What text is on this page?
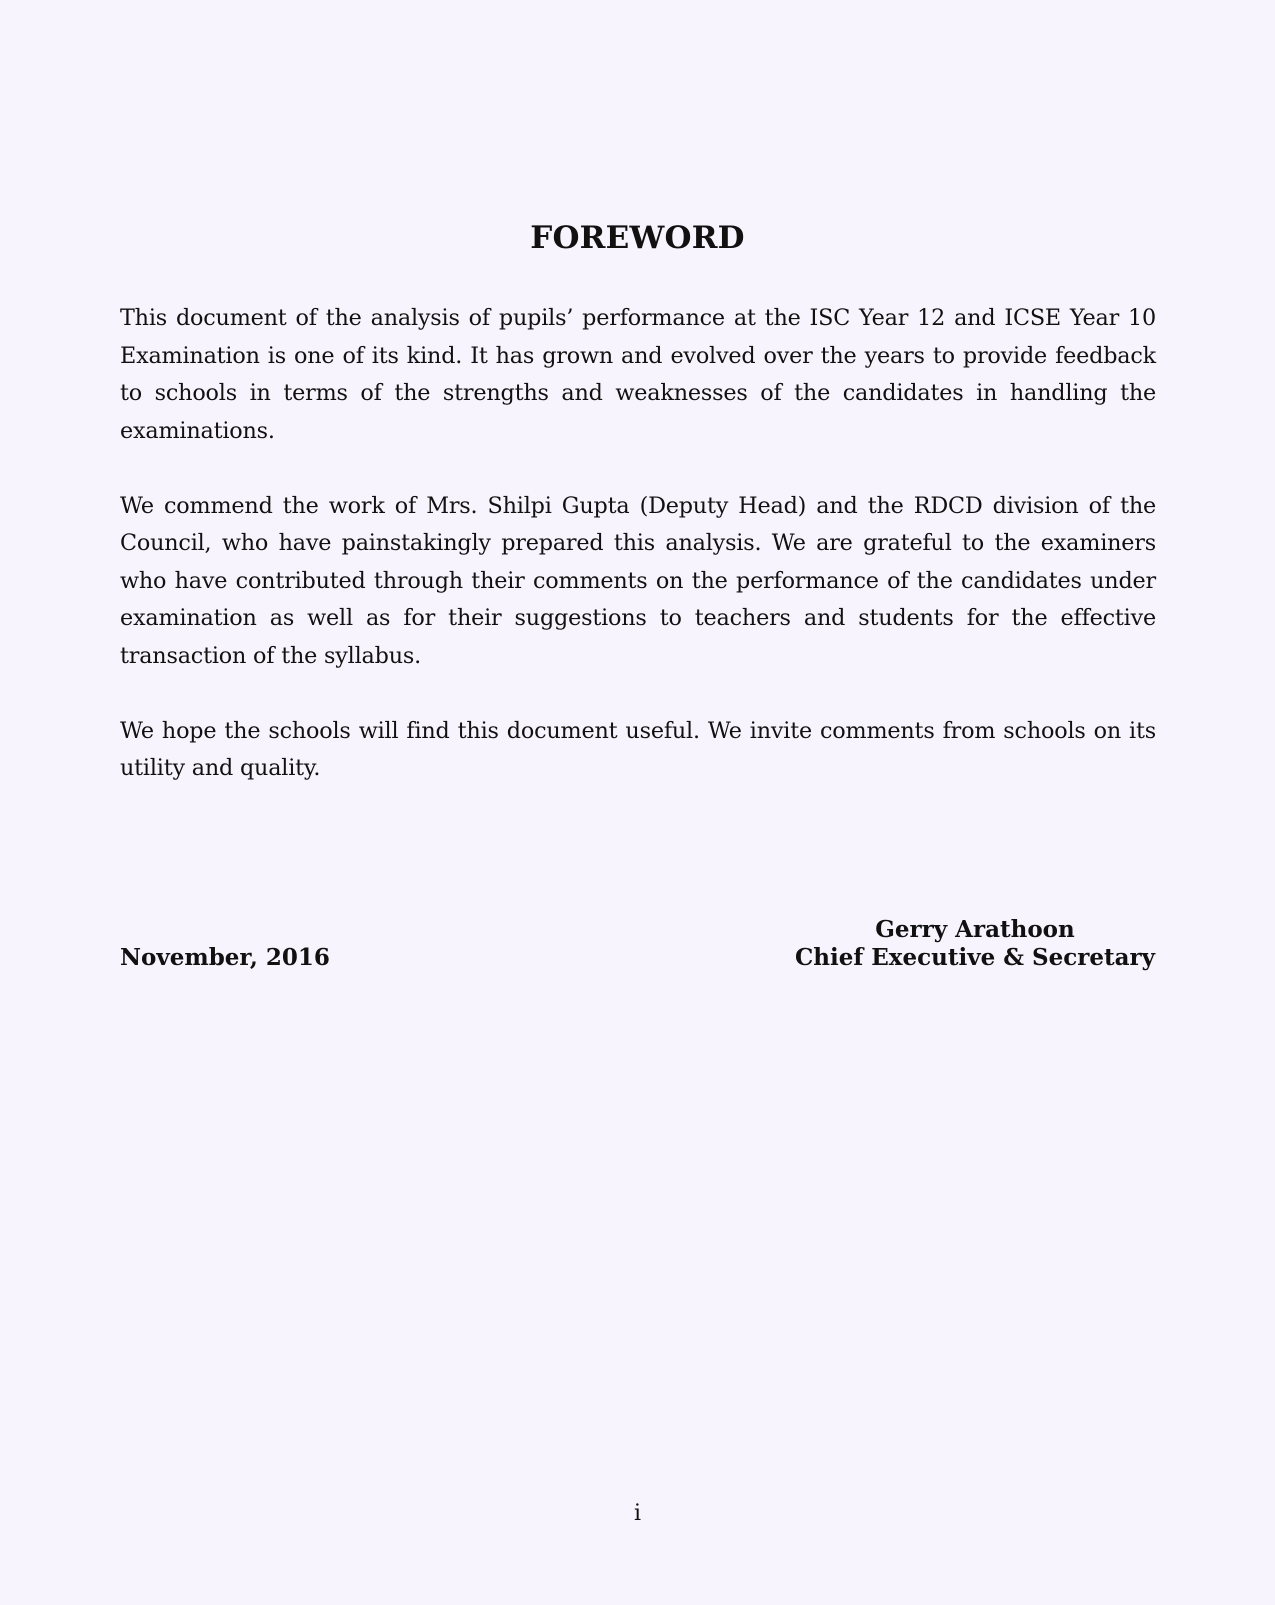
FOREWORD

This document of the analysis of pupils’ performance at the ISC Year 12 and ICSE Year 10 Examination is one of its kind. It has grown and evolved over the years to provide feedback to schools in terms of the strengths and weaknesses of the candidates in handling the examinations.

We commend the work of Mrs. Shilpi Gupta (Deputy Head) and the RDCD division of the Council, who have painstakingly prepared this analysis. We are grateful to the examiners who have contributed through their comments on the performance of the candidates under examination as well as for their suggestions to teachers and students for the effective transaction of the syllabus.

We hope the schools will find this document useful. We invite comments from schools on its utility and quality.

November, 2016

Gerry Arathoon
Chief Executive & Secretary
i
